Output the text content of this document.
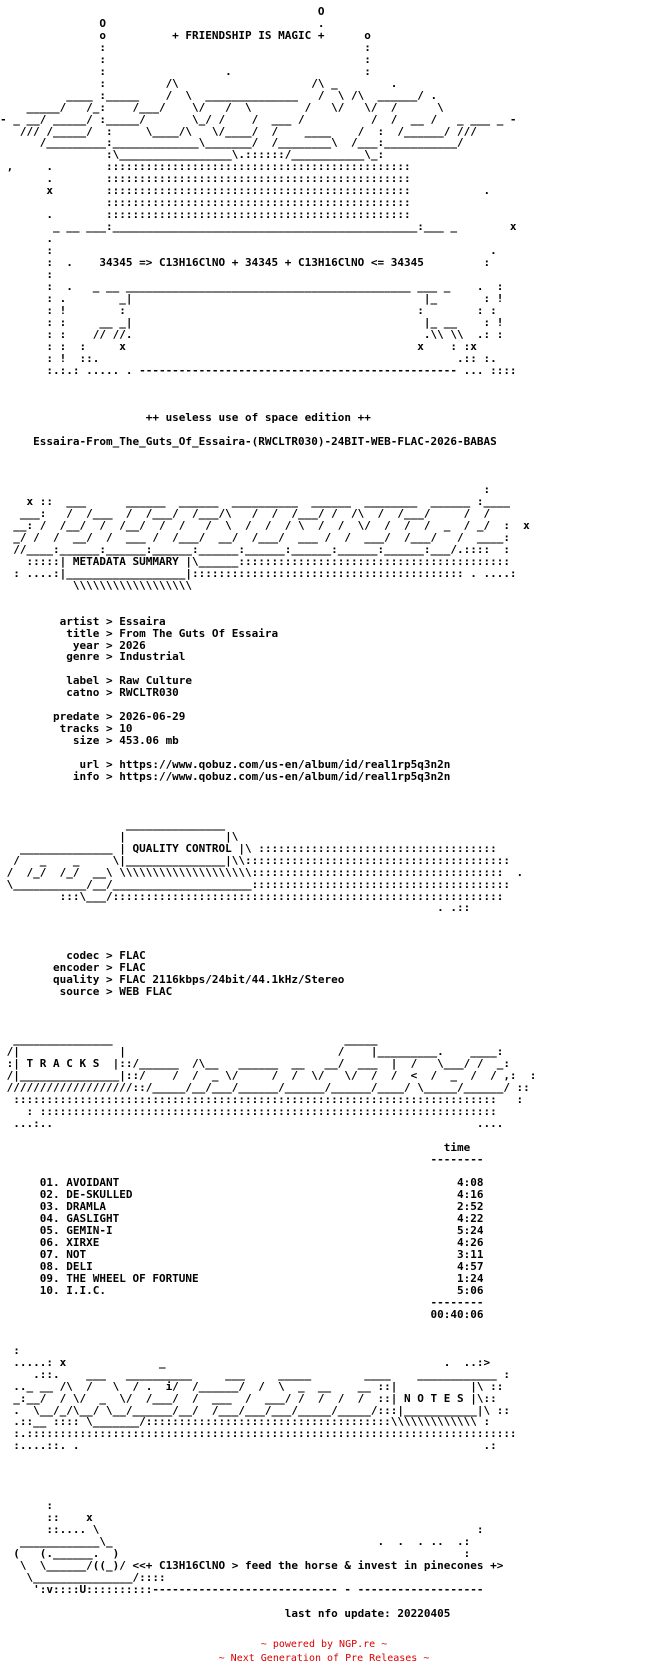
O
O                                .
o          + FRIENDSHIP IS MAGIC +      o
:                                       :
:                                       :
:                  .                    :
:         /\                    /\ _        .
____ :_____    /  \  ______________   /  \ /\  ______/ .
_____/   /_:    /___/    \/   /  \        /   \/   \/  /      \
- _ __/ _____/ :_____/       \_/ /    /  ___ /          /  /  __ /   _ ___ _ -
/// /_____/  :     \____/\   \/____/  /    ____    /  :  /______/ ///
/_________:_____________\_______/  /________\  /___:___________/
:\_________________\.::::::/___________\_:
,     .        ::::::::::::::::::::::::::::::::::::::::::::::
.        ::::::::::::::::::::::::::::::::::::::::::::::
x        ::::::::::::::::::::::::::::::::::::::::::::::           .
::::::::::::::::::::::::::::::::::::::::::::::
.        ::::::::::::::::::::::::::::::::::::::::::::::
_ __ ___:______________________________________________:___ _        x
.
:                                                                  .
:  .    34345 => C13H16ClNO + 34345 + C13H16ClNO <= 34345         :
:
:  .   _ __ ___________________________________________ ___ _    .  :
: .        _|                                            |_       : !
: !        :                                            :        : :
: :     __ _|                                            |_ __    : !
: :    // //.                                            .\\ \\  .: :
: :  :     x                                            x    : :x
: !  ::.                                                      .:: :.
:.:.: ..... . ------------------------------------------------ ... ::::

++ useless use of space edition ++

Essaira-From_The_Guts_Of_Essaira-(RWCLTR030)-24BIT-WEB-FLAC-2026-BABAS

:
x ::  ___      ______  ______  __________  ______  ________  ______ :____
___:   /  /___  /  /___/  /___/\   /  /  /___/ /  /\  /  /___/     /  /
__: /  /__/  /  /__/  /  /   /  \  /  /  / \  /  /  \/  /  /  /  _  / _/  :  x
_/ /  /  __/  /  ___ /  /___/  __/  /___/  ___ /  /  ___/  /___/   /  ____:
//____:______:______:______:______:______:______:______:______:___/.::::  :
:::::| METADATA SUMMARY |\______:::::::::::::::::::::::::::::::::::::::::
: ....:|__________________|::::::::::::::::::::::::::::::::::::::::: . ....:
\\\\\\\\\\\\\\\\\\

artist > Essaira
title > From The Guts Of Essaira
year > 2026
genre > Industrial

label > Raw Culture
catno > RWCLTR030

predate > 2026-06-29
tracks > 10
size > 453.06 mb

url > https://www.qobuz.com/us-en/album/id/real1rp5q3n2n
info > https://www.qobuz.com/us-en/album/id/real1rp5q3n2n

_______________
|               |\
______________ | QUALITY CONTROL |\ ::::::::::::::::::::::::::::::::::::
/   _    _     \|_______________|\\::::::::::::::::::::::::::::::::::::::::
/  /_/  /_/  __\ \\\\\\\\\\\\\\\\\\\\::::::::::::::::::::::::::::::::::::::  .
\___________/__/_____________________:::::::::::::::::::::::::::::::::::::::
:::\___/:::::::::::::::::::::::::::::::::::::::::::::::::::::::::::
. .::

codec > FLAC
encoder > FLAC
quality > FLAC 2116kbps/24bit/44.1kHz/Stereo
source > WEB FLAC

_______________                                   _____
/|               |                                /    |_________.    ____:
:| T R A C K S  |::/______  /\__   ______  __   __/  ___  |  /   \___/ /  _:
/|_______________|::/    /  /  _ \/     /  /  \/   \/  /  /  <  /  _  /  / ,:  :
///////////////////::/_____/__/___/______/______/______/____/ \_____/______/ ::
:::::::::::::::::::::::::::::::::::::::::::::::::::::::::::::::::::::::::   :
: :::::::::::::::::::::::::::::::::::::::::::::::::::::::::::::::::::::
...:..                                                                ....

time
--------

01. AVOIDANT                                                   4:08
02. DE-SKULLED                                                 4:16
03. DRAMLA                                                     2:52
04. GASLIGHT                                                   4:22
05. GEMIN-I                                                    5:24
06. XIRXE                                                      4:26
07. NOT                                                        3:11
08. DELI                                                       4:57
09. THE WHEEL OF FORTUNE                                       1:24
10. I.I.C.                                                     5:06
--------
00:40:06

:
.....: x              _                                          .  ..:>
.::.    ___   __________     ___     _____        ____    ____________ :
.._ __ /\  /   \  / .  i/  /______/  /  \  _  __    __ ::|           |\ ::
_:__/  / \/  _  \/  /___/  /  ___  /  ___/ /  /  /  /  ::| N O T E S |\::
.  \__/_/\__/ \__/______/__/  /___/___/___/_____/_____/:::|___________|\ ::
.::__ :::: \_______/:::::::::::::::::::::::::::::::::::::\\\\\\\\\\\\\ :
:.::::::::::::::::::::::::::::::::::::::::::::::::::::::::::::::::::::::::::
:....::. .                                                             .:

:
::    x
::.... \                                                         :
____________\_                                        .  .  . ..  .:
(   (.______.  )                                                    :
\  \______/((_)/ <<+ C13H16ClNO > feed the horse & invest in pinecones +>
\_______________/::::
':v::::U::::::::::---------------------------- - -------------------

last nfo update: 20220405
~ powered by NGP.re ~
~ Next Generation of Pre Releases ~
